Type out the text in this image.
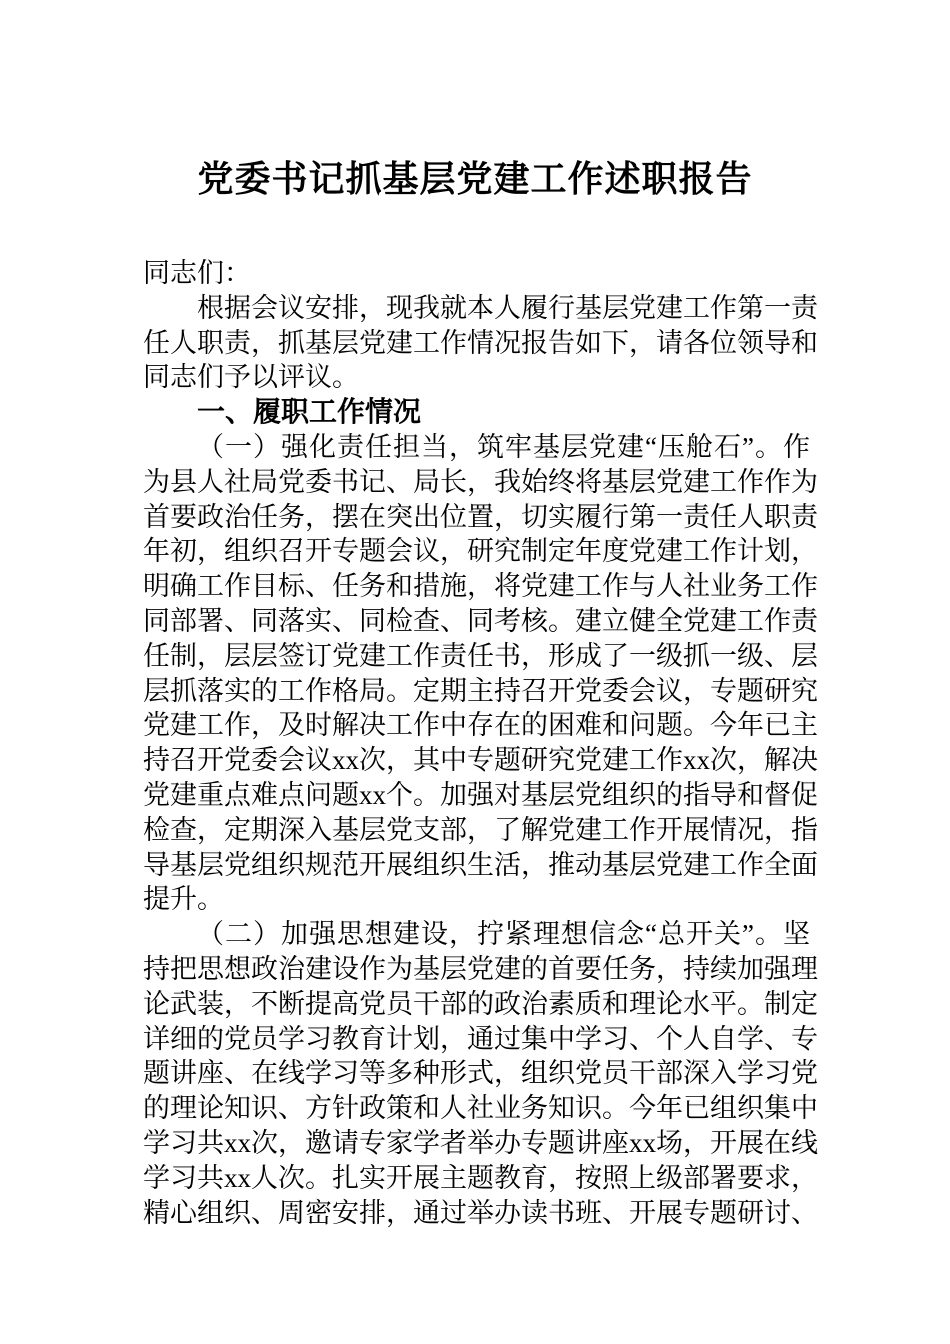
党委书记抓基层党建工作述职报告
同志们：
根据会议安排，现我就本人履行基层党建工作第一责
任人职责，抓基层党建工作情况报告如下，请各位领导和
同志们予以评议。
一、履职工作情况
（一）强化责任担当，筑牢基层党建“压舱石”。作
为县人社局党委书记、局长，我始终将基层党建工作作为
首要政治任务，摆在突出位置，切实履行第一责任人职责
年初，组织召开专题会议，研究制定年度党建工作计划，
明确工作目标、任务和措施，将党建工作与人社业务工作
同部署、同落实、同检查、同考核。建立健全党建工作责
任制，层层签订党建工作责任书，形成了一级抓一级、层
层抓落实的工作格局。定期主持召开党委会议，专题研究
党建工作，及时解决工作中存在的困难和问题。今年已主
持召开党委会议xx次，其中专题研究党建工作xx次，解决
党建重点难点问题xx个。加强对基层党组织的指导和督促
检查，定期深入基层党支部，了解党建工作开展情况，指
导基层党组织规范开展组织生活，推动基层党建工作全面
提升。
（二）加强思想建设，拧紧理想信念“总开关”。坚
持把思想政治建设作为基层党建的首要任务，持续加强理
论武装，不断提高党员干部的政治素质和理论水平。制定
详细的党员学习教育计划，通过集中学习、个人自学、专
题讲座、在线学习等多种形式，组织党员干部深入学习党
的理论知识、方针政策和人社业务知识。今年已组织集中
学习共xx次，邀请专家学者举办专题讲座xx场，开展在线
学习共xx人次。扎实开展主题教育，按照上级部署要求，
精心组织、周密安排，通过举办读书班、开展专题研讨、
